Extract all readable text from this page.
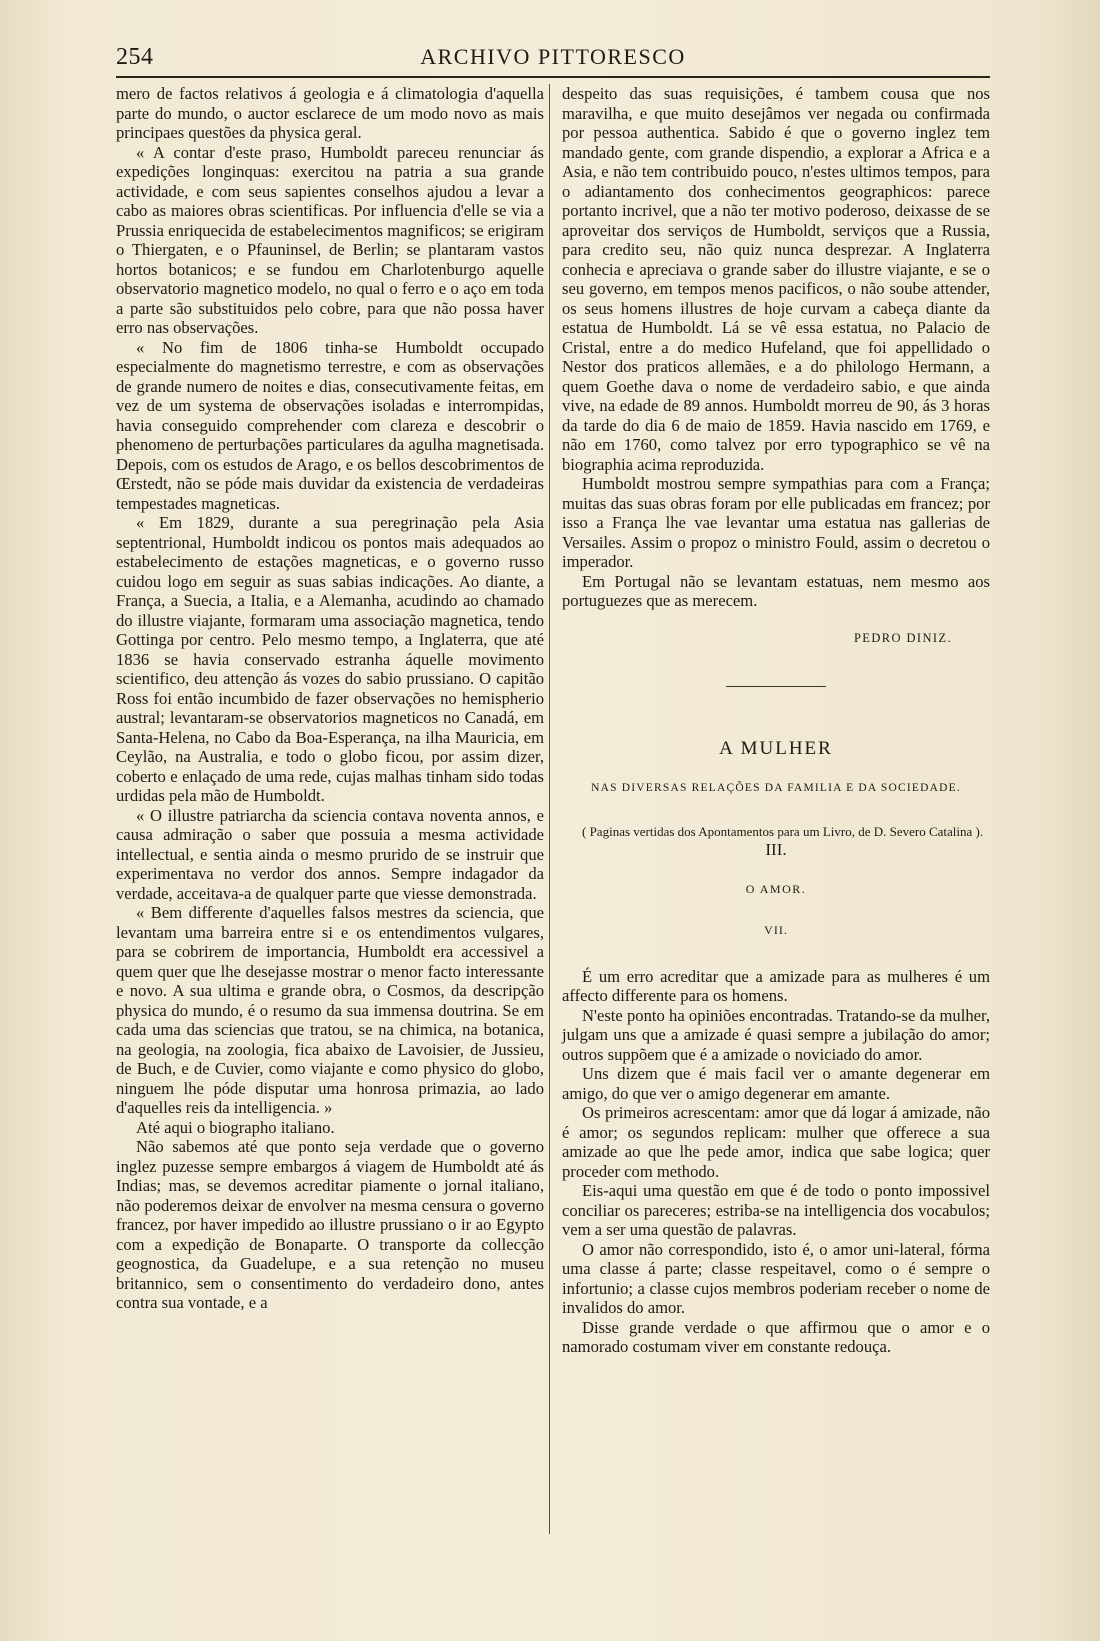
254	ARCHIVO PITTORESCO

mero de factos relativos á geologia e á climatologia d'aquella parte do mundo, o auctor esclarece de um modo novo as mais principaes questões da physica geral.

« A contar d'este praso, Humboldt pareceu renunciar ás expedições longinquas: exercitou na patria a sua grande actividade, e com seus sapientes conselhos ajudou a levar a cabo as maiores obras scientificas. Por influencia d'elle se via a Prussia enriquecida de estabelecimentos magnificos; se erigiram o Thiergaten, e o Pfauninsel, de Berlin; se plantaram vastos hortos botanicos; e se fundou em Charlotenburgo aquelle observatorio magnetico modelo, no qual o ferro e o aço em toda a parte são substituidos pelo cobre, para que não possa haver erro nas observações.

« No fim de 1806 tinha-se Humboldt occupado especialmente do magnetismo terrestre, e com as observações de grande numero de noites e dias, consecutivamente feitas, em vez de um systema de observações isoladas e interrompidas, havia conseguido comprehender com clareza e descobrir o phenomeno de perturbações particulares da agulha magnetisada. Depois, com os estudos de Arago, e os bellos descobrimentos de Œrstedt, não se póde mais duvidar da existencia de verdadeiras tempestades magneticas.

« Em 1829, durante a sua peregrinação pela Asia septentrional, Humboldt indicou os pontos mais adequados ao estabelecimento de estações magneticas, e o governo russo cuidou logo em seguir as suas sabias indicações. Ao diante, a França, a Suecia, a Italia, e a Alemanha, acudindo ao chamado do illustre viajante, formaram uma associação magnetica, tendo Gottinga por centro. Pelo mesmo tempo, a Inglaterra, que até 1836 se havia conservado estranha áquelle movimento scientifico, deu attenção ás vozes do sabio prussiano. O capitão Ross foi então incumbido de fazer observações no hemispherio austral; levantaram-se observatorios magneticos no Canadá, em Santa-Helena, no Cabo da Boa-Esperança, na ilha Mauricia, em Ceylão, na Australia, e todo o globo ficou, por assim dizer, coberto e enlaçado de uma rede, cujas malhas tinham sido todas urdidas pela mão de Humboldt.

« O illustre patriarcha da sciencia contava noventa annos, e causa admiração o saber que possuia a mesma actividade intellectual, e sentia ainda o mesmo prurido de se instruir que experimentava no verdor dos annos. Sempre indagador da verdade, acceitava-a de qualquer parte que viesse demonstrada.

« Bem differente d'aquelles falsos mestres da sciencia, que levantam uma barreira entre si e os entendimentos vulgares, para se cobrirem de importancia, Humboldt era accessivel a quem quer que lhe desejasse mostrar o menor facto interessante e novo. A sua ultima e grande obra, o Cosmos, da descripção physica do mundo, é o resumo da sua immensa doutrina. Se em cada uma das sciencias que tratou, se na chimica, na botanica, na geologia, na zoologia, fica abaixo de Lavoisier, de Jussieu, de Buch, e de Cuvier, como viajante e como physico do globo, ninguem lhe póde disputar uma honrosa primazia, ao lado d'aquelles reis da intelligencia. »

Até aqui o biographo italiano.

Não sabemos até que ponto seja verdade que o governo inglez puzesse sempre embargos á viagem de Humboldt até ás Indias; mas, se devemos acreditar piamente o jornal italiano, não poderemos deixar de envolver na mesma censura o governo francez, por haver impedido ao illustre prussiano o ir ao Egypto com a expedição de Bonaparte. O transporte da collecção geognostica, da Guadelupe, e a sua retenção no museu britannico, sem o consentimento do verdadeiro dono, antes contra sua vontade, e a

despeito das suas requisições, é tambem cousa que nos maravilha, e que muito desejâmos ver negada ou confirmada por pessoa authentica. Sabido é que o governo inglez tem mandado gente, com grande dispendio, a explorar a Africa e a Asia, e não tem contribuido pouco, n'estes ultimos tempos, para o adiantamento dos conhecimentos geographicos: parece portanto incrivel, que a não ter motivo poderoso, deixasse de se aproveitar dos serviços de Humboldt, serviços que a Russia, para credito seu, não quiz nunca desprezar. A Inglaterra conhecia e apreciava o grande saber do illustre viajante, e se o seu governo, em tempos menos pacificos, o não soube attender, os seus homens illustres de hoje curvam a cabeça diante da estatua de Humboldt. Lá se vê essa estatua, no Palacio de Cristal, entre a do medico Hufeland, que foi appellidado o Nestor dos praticos allemães, e a do philologo Hermann, a quem Goethe dava o nome de verdadeiro sabio, e que ainda vive, na edade de 89 annos. Humboldt morreu de 90, ás 3 horas da tarde do dia 6 de maio de 1859. Havia nascido em 1769, e não em 1760, como talvez por erro typographico se vê na biographia acima reproduzida.

Humboldt mostrou sempre sympathias para com a França; muitas das suas obras foram por elle publicadas em francez; por isso a França lhe vae levantar uma estatua nas gallerias de Versailes. Assim o propoz o ministro Fould, assim o decretou o imperador.

Em Portugal não se levantam estatuas, nem mesmo aos portuguezes que as merecem.

PEDRO DINIZ.
A MULHER
NAS DIVERSAS RELAÇÕES DA FAMILIA E DA SOCIEDADE.

( Paginas vertidas dos Apontamentos para um Livro, de D. Severo Catalina ).

III.
O AMOR.
VII.

É um erro acreditar que a amizade para as mulheres é um affecto differente para os homens.

N'este ponto ha opiniões encontradas. Tratando-se da mulher, julgam uns que a amizade é quasi sempre a jubilação do amor; outros suppõem que é a amizade o noviciado do amor.

Uns dizem que é mais facil ver o amante degenerar em amigo, do que ver o amigo degenerar em amante.

Os primeiros acrescentam: amor que dá logar á amizade, não é amor; os segundos replicam: mulher que offerece a sua amizade ao que lhe pede amor, indica que sabe logica; quer proceder com methodo.

Eis-aqui uma questão em que é de todo o ponto impossivel conciliar os pareceres; estriba-se na intelligencia dos vocabulos; vem a ser uma questão de palavras.

O amor não correspondido, isto é, o amor uni-lateral, fórma uma classe á parte; classe respeitavel, como o é sempre o infortunio; a classe cujos membros poderiam receber o nome de invalidos do amor.

Disse grande verdade o que affirmou que o amor e o namorado costumam viver em constante redouça.
